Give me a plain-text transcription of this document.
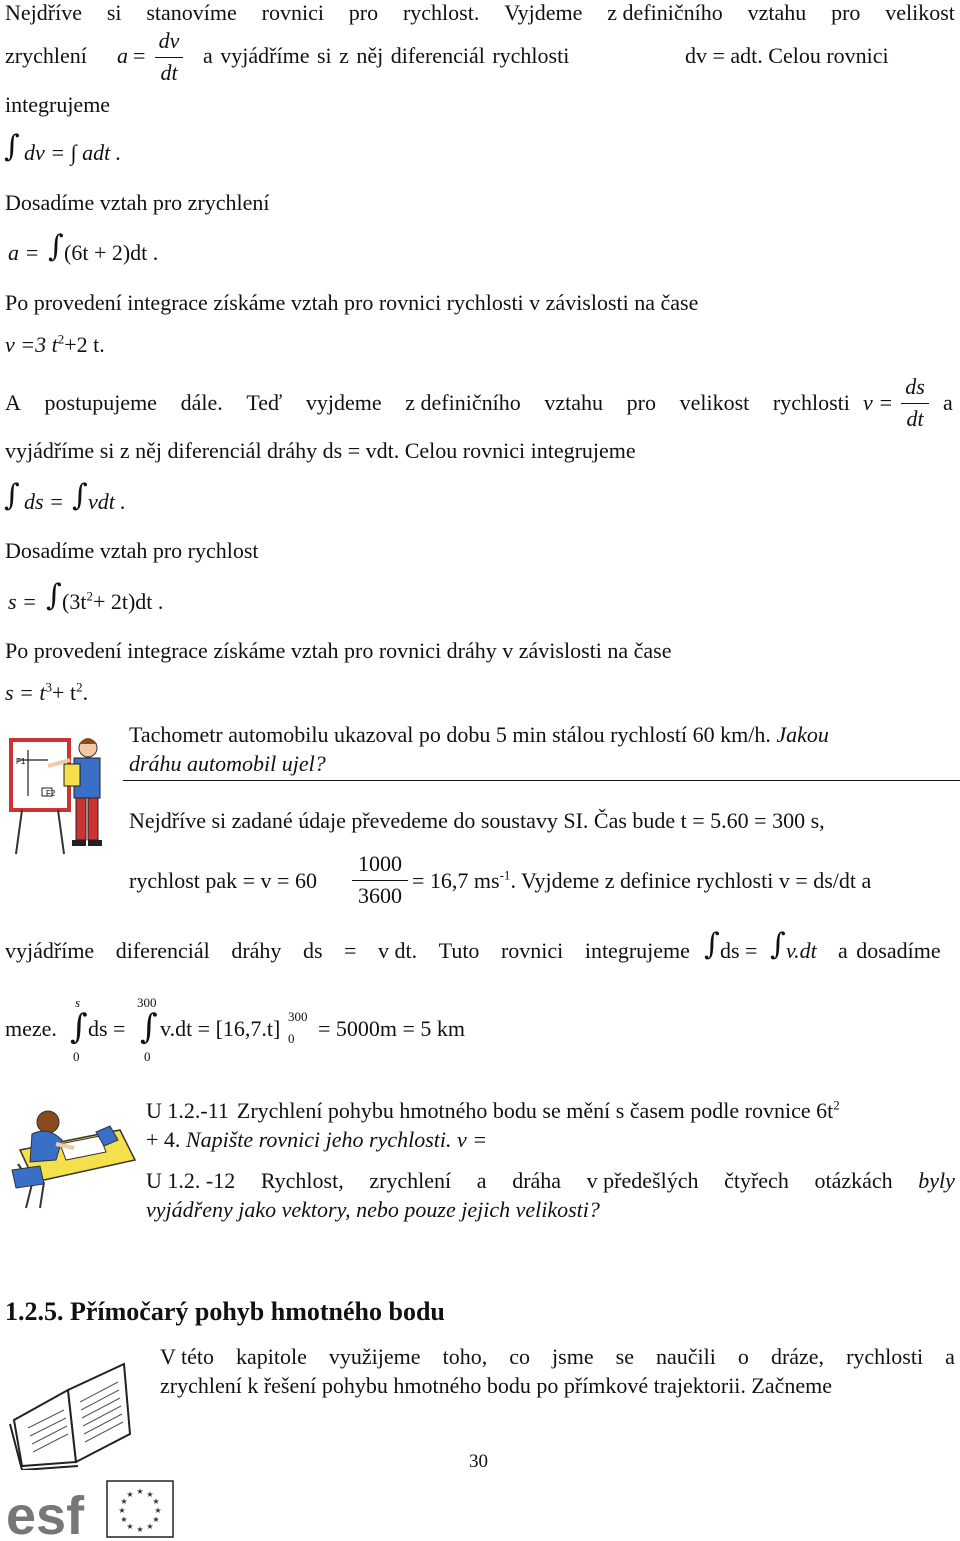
Nejdříve si stanovíme rovnici pro rychlost. Vyjdeme z definičního vztahu pro velikost
zrychlení a =
dv
dt
a vyjádříme si z něj diferenciál rychlosti	dv = adt. Celou rovnici
integrujeme
∫ dv = ∫ adt .
Dosadíme vztah pro zrychlení
a = ∫ (6t + 2)dt .
Po provedení integrace získáme vztah pro rovnici rychlosti v závislosti na čase
v =3 $t^2+2$ t.
A postupujeme dále. Teď vyjdeme z definičního vztahu pro velikost rychlosti v =
ds
dt
a
vyjádříme si z něj diferenciál dráhy ds = vdt. Celou rovnici integrujeme
∫ ds = ∫ vdt .
Dosadíme vztah pro rychlost
s = ∫ $(3t^2+ 2t)dt$ .
Po provedení integrace získáme vztah pro rovnici dráhy v závislosti na čase
$s = t^3+ t^2$.
F1
F2
Tachometr automobilu ukazoval po dobu 5 min stálou rychlostí 60 km/h. Jakou
dráhu automobil ujel?
Nejdříve si zadané údaje převedeme do soustavy SI. Čas bude t = 5.60 = 300 s,
rychlost pak = v = 60
1000
3600
= 16,7 $ms^{-1}$. Vyjdeme z definice rychlosti v = ds/dt a
vyjádříme diferenciál dráhy ds = v dt. Tuto rovnici integrujeme ∫ ds = ∫ v.dt a dosadíme
meze.
s
∫
0
ds =
300
∫
0
v.dt = [16,7.t] 300
0 = 5000m = 5 km
U 1.2.-11 Zrychlení pohybu hmotného bodu se mění s časem podle rovnice $6t^2$
+ 4. Napište rovnici jeho rychlosti. v =
U 1.2. -12 Rychlost, zrychlení a dráha v předešlých čtyřech otázkách byly
vyjádřeny jako vektory, nebo pouze jejich velikosti?
1.2.5. Přímočarý pohyb hmotného bodu
V této kapitole využijeme toho, co jsme se naučili o dráze, rychlosti a
zrychlení k řešení pohybu hmotného bodu po přímkové trajektorii. Začneme
30
esf	★ ★
★
★
★
★
★
★
★
★
★
★
